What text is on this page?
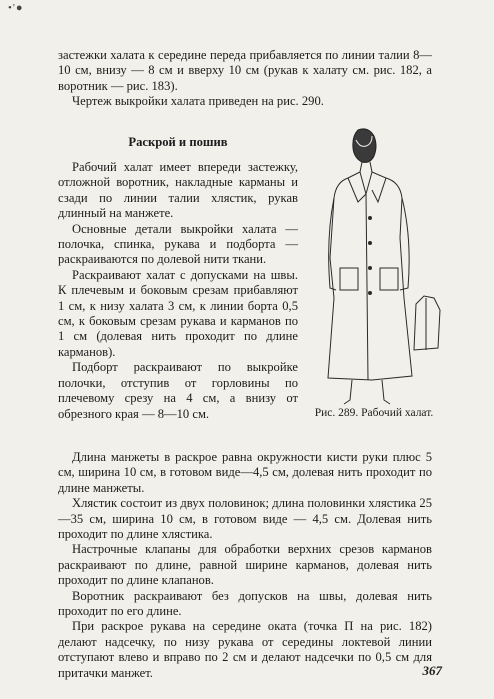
•'●

застежки халата к середине переда прибавляется по линии талии 8—10 см, внизу — 8 см и вверху 10 см (рукав к халату см. рис. 182, а воротник — рис. 183).

Чертеж выкройки халата приведен на рис. 290.

Раскрой и пошив

Рабочий халат имеет впереди застежку, отложной воротник, накладные карманы и сзади по линии талии хлястик, рукав длинный на манжете.

Основные детали выкройки халата — полочка, спинка, рукава и подборта — раскраиваются по долевой нити ткани.

Раскраивают халат с допусками на швы. К плечевым и боковым срезам прибавляют 1 см, к низу халата 3 см, к линии борта 0,5 см, к боковым срезам рукава и карманов по 1 см (долевая нить проходит по длине карманов).

Подборт раскраивают по выкройке полочки, отступив от горловины по плечевому срезу на 4 см, а внизу от обрезного края — 8—10 см.	Рис. 289. Рабочий халат.

Длина манжеты в раскрое равна окружности кисти руки плюс 5 см, ширина 10 см, в готовом виде—4,5 см, долевая нить проходит по длине манжеты.

Хлястик состоит из двух половинок; длина половинки хлястика 25—35 см, ширина 10 см, в готовом виде — 4,5 см. Долевая нить проходит по длине хлястика.

Настрочные клапаны для обработки верхних срезов карманов раскраивают по длине, равной ширине карманов, долевая нить проходит по длине клапанов.

Воротник раскраивают без допусков на швы, долевая нить проходит по его длине.

При раскрое рукава на середине оката (точка П на рис. 182) делают надсечку, по низу рукава от середины локтевой линии отступают влево и вправо по 2 см и делают надсечки по 0,5 см для притачки манжет.	367
